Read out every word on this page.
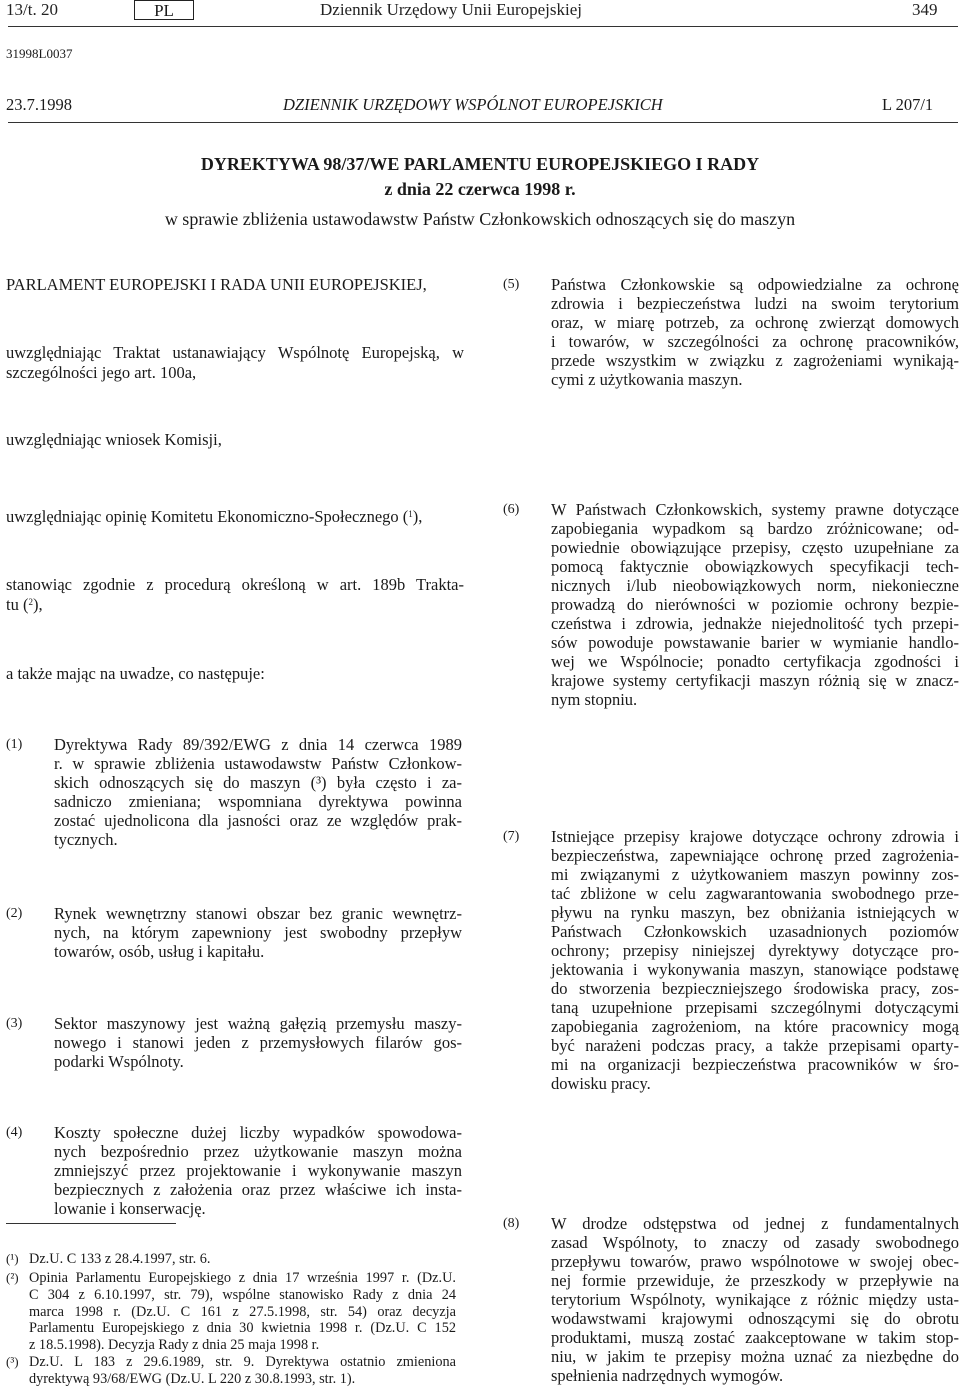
13/t. 20	PL	Dziennik Urzędowy Unii Europejskiej	349
31998L0037
23.7.1998	DZIENNIK URZĘDOWY WSPÓLNOT EUROPEJSKICH	L 207/1
DYREKTYWA 98/37/WE PARLAMENTU EUROPEJSKIEGO I RADY
z dnia 22 czerwca 1998 r.
w sprawie zbliżenia ustawodawstw Państw Członkowskich odnoszących się do maszyn
PARLAMENT EUROPEJSKI I RADA UNII EUROPEJSKIEJ,
uwzględniając Traktat ustanawiający Wspólnotę Europejską, w
szczególności jego art. 100a,
uwzględniając wniosek Komisji,
uwzględniając opinię Komitetu Ekonomiczno-Społecznego ($^1$),
stanowiąc zgodnie z procedurą określoną w art. 189b Trakta-
tu ($^2$),
a także mając na uwadze, co następuje:
(1) Dyrektywa Rady 89/392/EWG z dnia 14 czerwca 1989
r. w sprawie zbliżenia ustawodawstw Państw Członkow-
skich odnoszących się do maszyn (³) była często i za-
sadniczo zmieniana; wspomniana dyrektywa powinna
zostać ujednolicona dla jasności oraz ze względów prak-
tycznych.
(2) Rynek wewnętrzny stanowi obszar bez granic wewnętrz-
nych, na którym zapewniony jest swobodny przepływ
towarów, osób, usług i kapitału.
(3) Sektor maszynowy jest ważną gałęzią przemysłu maszy-
nowego i stanowi jeden z przemysłowych filarów gos-
podarki Wspólnoty.
(4) Koszty społeczne dużej liczby wypadków spowodowa-
nych bezpośrednio przez użytkowanie maszyn można
zmniejszyć przez projektowanie i wykonywanie maszyn
bezpiecznych z założenia oraz przez właściwe ich insta-
lowanie i konserwację.
(5) Państwa Członkowskie są odpowiedzialne za ochronę
zdrowia i bezpieczeństwa ludzi na swoim terytorium
oraz, w miarę potrzeb, za ochronę zwierząt domowych
i towarów, w szczególności za ochronę pracowników,
przede wszystkim w związku z zagrożeniami wynikają-
cymi z użytkowania maszyn.
(6) W Państwach Członkowskich, systemy prawne dotyczące
zapobiegania wypadkom są bardzo zróżnicowane; od-
powiednie obowiązujące przepisy, często uzupełniane za
pomocą faktycznie obowiązkowych specyfikacji tech-
nicznych i/lub nieobowiązkowych norm, niekonieczne
prowadzą do nierówności w poziomie ochrony bezpie-
czeństwa i zdrowia, jednakże niejednolitość tych przepi-
sów powoduje powstawanie barier w wymianie handlo-
wej we Wspólnocie; ponadto certyfikacja zgodności i
krajowe systemy certyfikacji maszyn różnią się w znacz-
nym stopniu.
(7) Istniejące przepisy krajowe dotyczące ochrony zdrowia i
bezpieczeństwa, zapewniające ochronę przed zagrożenia-
mi związanymi z użytkowaniem maszyn powinny zos-
tać zbliżone w celu zagwarantowania swobodnego prze-
pływu na rynku maszyn, bez obniżania istniejących w
Państwach Członkowskich uzasadnionych poziomów
ochrony; przepisy niniejszej dyrektywy dotyczące pro-
jektowania i wykonywania maszyn, stanowiące podstawę
do stworzenia bezpieczniejszego środowiska pracy, zos-
taną uzupełnione przepisami szczególnymi dotyczącymi
zapobiegania zagrożeniom, na które pracownicy mogą
być narażeni podczas pracy, a także przepisami oparty-
mi na organizacji bezpieczeństwa pracowników w śro-
dowisku pracy.
(8) W drodze odstępstwa od jednej z fundamentalnych
zasad Wspólnoty, to znaczy od zasady swobodnego
przepływu towarów, prawo wspólnotowe w swojej obec-
nej formie przewiduje, że przeszkody w przepływie na
terytorium Wspólnoty, wynikające z różnic między usta-
wodawstwami krajowymi odnoszącymi się do obrotu
produktami, muszą zostać zaakceptowane w takim stop-
niu, w jakim te przepisy można uznać za niezbędne do
spełnienia nadrzędnych wymogów.
(¹) Dz.U. C 133 z 28.4.1997, str. 6.
(²) Opinia Parlamentu Europejskiego z dnia 17 września 1997 r. (Dz.U.
C 304 z 6.10.1997, str. 79), wspólne stanowisko Rady z dnia 24
marca 1998 r. (Dz.U. C 161 z 27.5.1998, str. 54) oraz decyzja
Parlamentu Europejskiego z dnia 30 kwietnia 1998 r. (Dz.U. C 152
z 18.5.1998). Decyzja Rady z dnia 25 maja 1998 r.
(³) Dz.U. L 183 z 29.6.1989, str. 9. Dyrektywa ostatnio zmieniona
dyrektywą 93/68/EWG (Dz.U. L 220 z 30.8.1993, str. 1).
